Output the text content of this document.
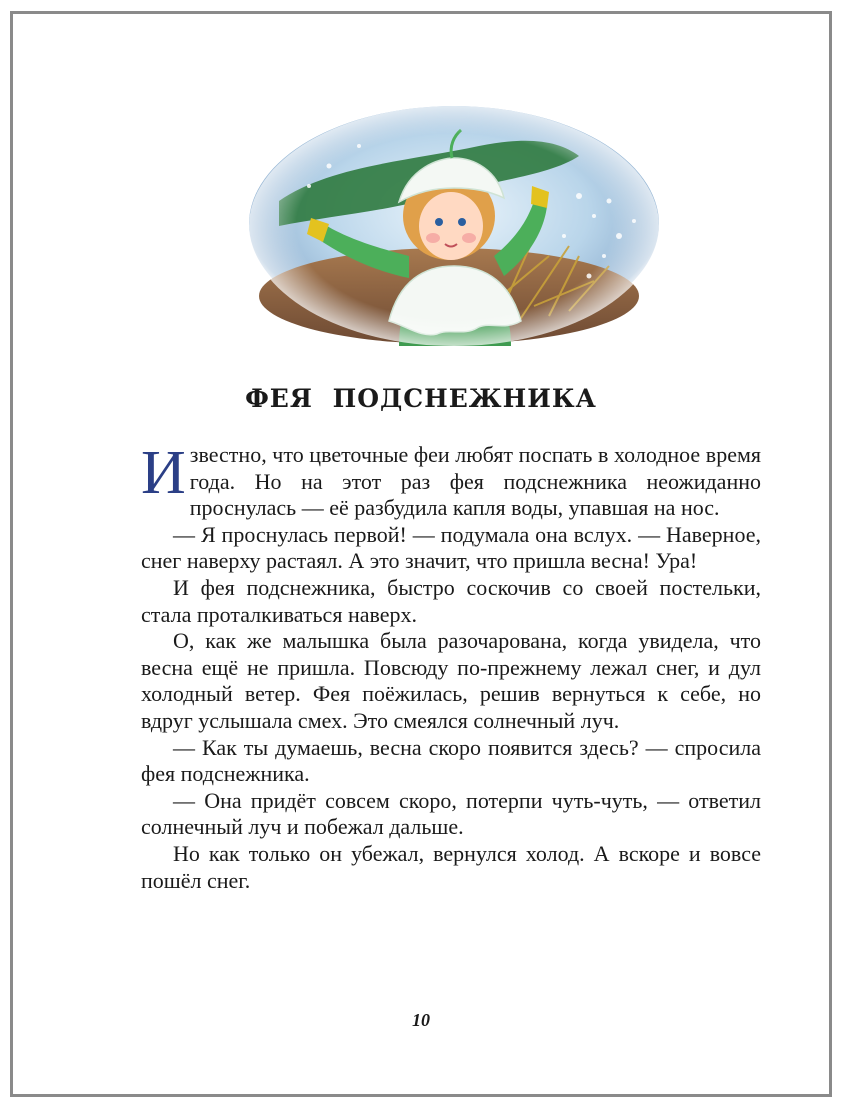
ФЕЯ ПОДСНЕЖНИКА

Известно, что цветочные феи любят поспать в холодное время года. Но на этот раз фея подснежника неожиданно проснулась — её разбудила капля воды, упавшая на нос.

— Я проснулась первой! — подумала она вслух. — Наверное, снег наверху растаял. А это значит, что пришла весна! Ура!

И фея подснежника, быстро соскочив со своей постельки, стала проталкиваться наверх.

О, как же малышка была разочарована, когда увидела, что весна ещё не пришла. Повсюду по-прежнему лежал снег, и дул холодный ветер. Фея поёжилась, решив вернуться к себе, но вдруг услышала смех. Это смеялся солнечный луч.

— Как ты думаешь, весна скоро появится здесь? — спросила фея подснежника.

— Она придёт совсем скоро, потерпи чуть-чуть, — ответил солнечный луч и побежал дальше.

Но как только он убежал, вернулся холод. А вскоре и вовсе пошёл снег.

10
